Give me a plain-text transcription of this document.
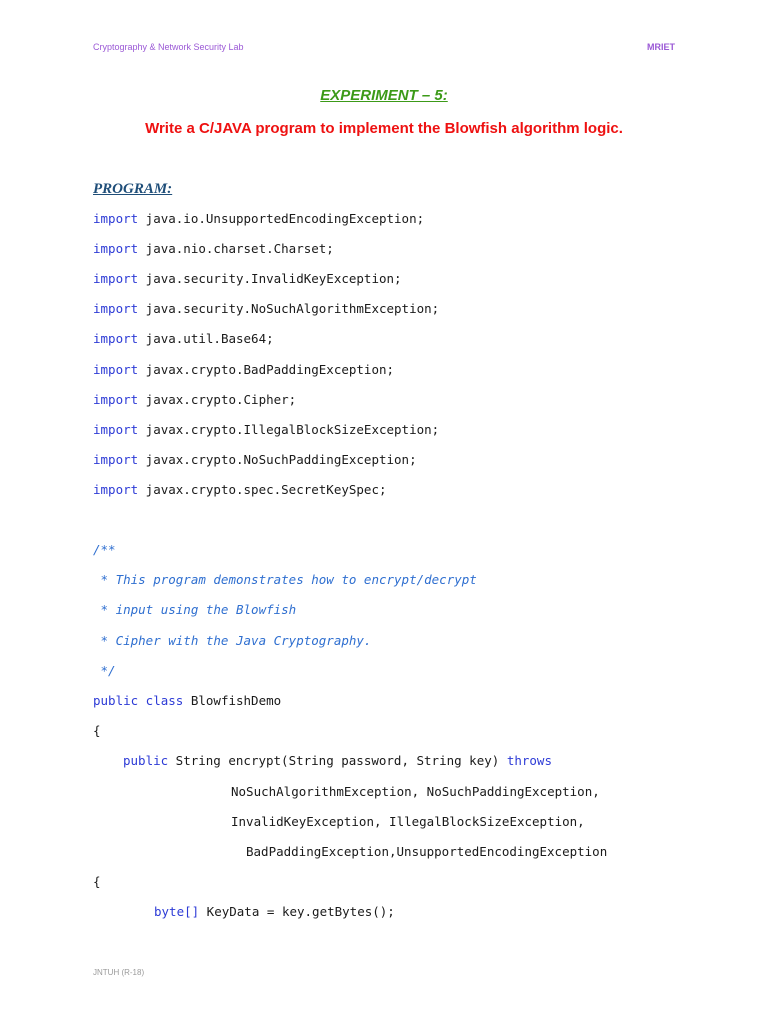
Cryptography & Network Security Lab	MRIET
EXPERIMENT – 5:
Write a C/JAVA program to implement the Blowfish algorithm logic.
PROGRAM:
import java.io.UnsupportedEncodingException;
import java.nio.charset.Charset;
import java.security.InvalidKeyException;
import java.security.NoSuchAlgorithmException;
import java.util.Base64;
import javax.crypto.BadPaddingException;
import javax.crypto.Cipher;
import javax.crypto.IllegalBlockSizeException;
import javax.crypto.NoSuchPaddingException;
import javax.crypto.spec.SecretKeySpec;
/**
* This program demonstrates how to encrypt/decrypt
* input using the Blowfish
* Cipher with the Java Cryptography.
*/
public class BlowfishDemo
{
public String encrypt(String password, String key) throws
NoSuchAlgorithmException, NoSuchPaddingException,
InvalidKeyException, IllegalBlockSizeException,
BadPaddingException,UnsupportedEncodingException
{
byte[] KeyData = key.getBytes();
JNTUH (R-18)
